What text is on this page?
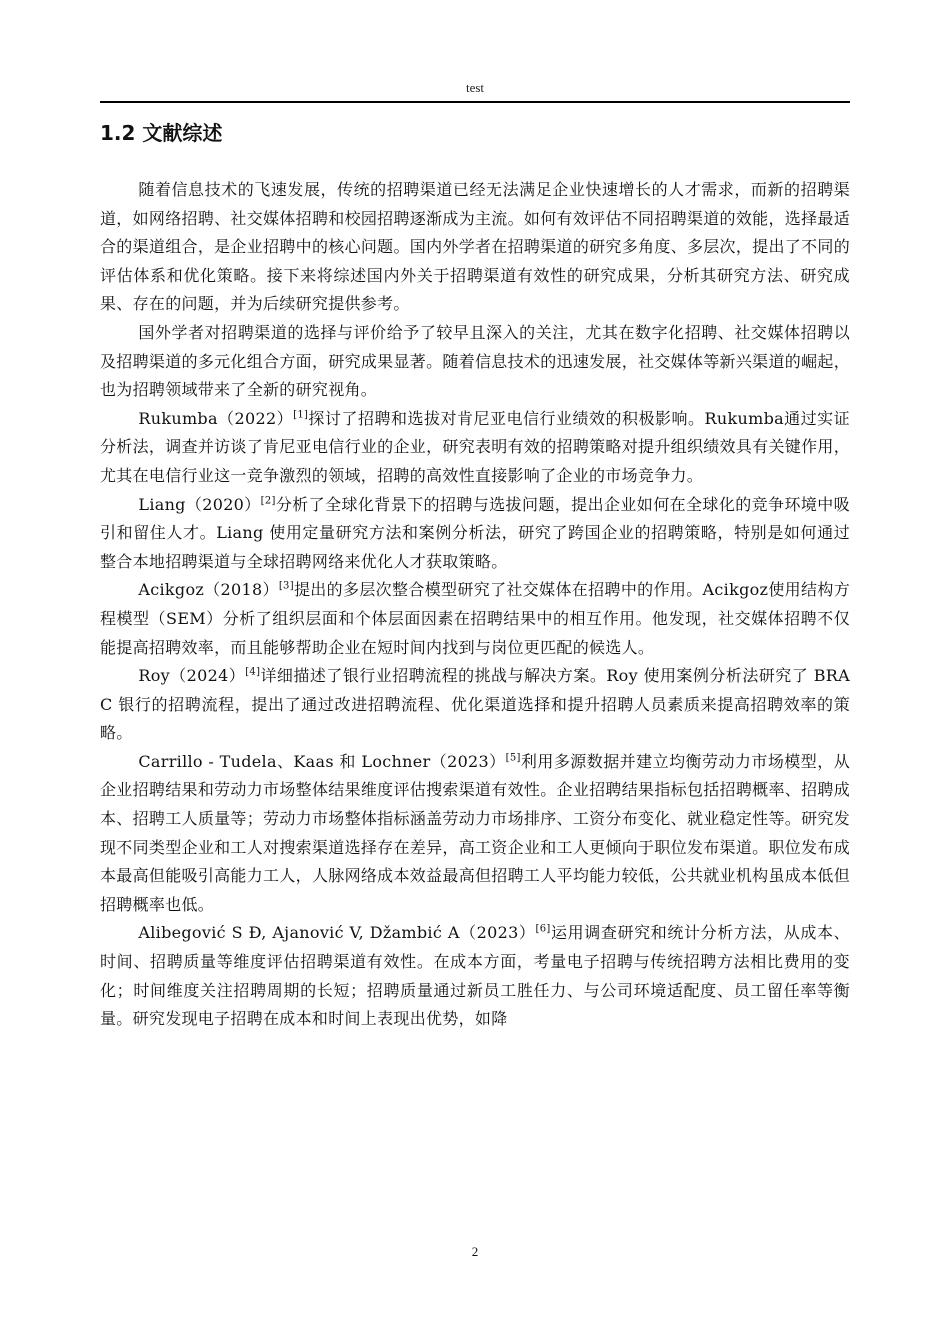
test
1.2 文献综述

随着信息技术的飞速发展，传统的招聘渠道已经无法满足企业快速增长的人才需求，而新的招聘渠道，如网络招聘、社交媒体招聘和校园招聘逐渐成为主流。如何有效评估不同招聘渠道的效能，选择最适合的渠道组合，是企业招聘中的核心问题。国内外学者在招聘渠道的研究多角度、多层次，提出了不同的评估体系和优化策略。接下来将综述国内外关于招聘渠道有效性的研究成果，分析其研究方法、研究成果、存在的问题，并为后续研究提供参考。

国外学者对招聘渠道的选择与评价给予了较早且深入的关注，尤其在数字化招聘、社交媒体招聘以及招聘渠道的多元化组合方面，研究成果显著。随着信息技术的迅速发展，社交媒体等新兴渠道的崛起，也为招聘领域带来了全新的研究视角。

Rukumba（2022）[1]探讨了招聘和选拔对肯尼亚电信行业绩效的积极影响。Rukumba通过实证分析法，调查并访谈了肯尼亚电信行业的企业，研究表明有效的招聘策略对提升组织绩效具有关键作用，尤其在电信行业这一竞争激烈的领域，招聘的高效性直接影响了企业的市场竞争力。

Liang（2020）[2]分析了全球化背景下的招聘与选拔问题，提出企业如何在全球化的竞争环境中吸引和留住人才。Liang 使用定量研究方法和案例分析法，研究了跨国企业的招聘策略，特别是如何通过整合本地招聘渠道与全球招聘网络来优化人才获取策略。

Acikgoz（2018）[3]提出的多层次整合模型研究了社交媒体在招聘中的作用。Acikgoz使用结构方程模型（SEM）分析了组织层面和个体层面因素在招聘结果中的相互作用。他发现，社交媒体招聘不仅能提高招聘效率，而且能够帮助企业在短时间内找到与岗位更匹配的候选人。

Roy（2024）[4]详细描述了银行业招聘流程的挑战与解决方案。Roy 使用案例分析法研究了 BRAC 银行的招聘流程，提出了通过改进招聘流程、优化渠道选择和提升招聘人员素质来提高招聘效率的策略。

Carrillo - Tudela、Kaas 和 Lochner（2023）[5]利用多源数据并建立均衡劳动力市场模型，从企业招聘结果和劳动力市场整体结果维度评估搜索渠道有效性。企业招聘结果指标包括招聘概率、招聘成本、招聘工人质量等；劳动力市场整体指标涵盖劳动力市场排序、工资分布变化、就业稳定性等。研究发现不同类型企业和工人对搜索渠道选择存在差异，高工资企业和工人更倾向于职位发布渠道。职位发布成本最高但能吸引高能力工人，人脉网络成本效益最高但招聘工人平均能力较低，公共就业机构虽成本低但招聘概率也低。

Alibegović S Đ, Ajanović V, Džambić A（2023）[6]运用调查研究和统计分析方法，从成本、时间、招聘质量等维度评估招聘渠道有效性。在成本方面，考量电子招聘与传统招聘方法相比费用的变化；时间维度关注招聘周期的长短；招聘质量通过新员工胜任力、与公司环境适配度、员工留任率等衡量。研究发现电子招聘在成本和时间上表现出优势，如降

2
